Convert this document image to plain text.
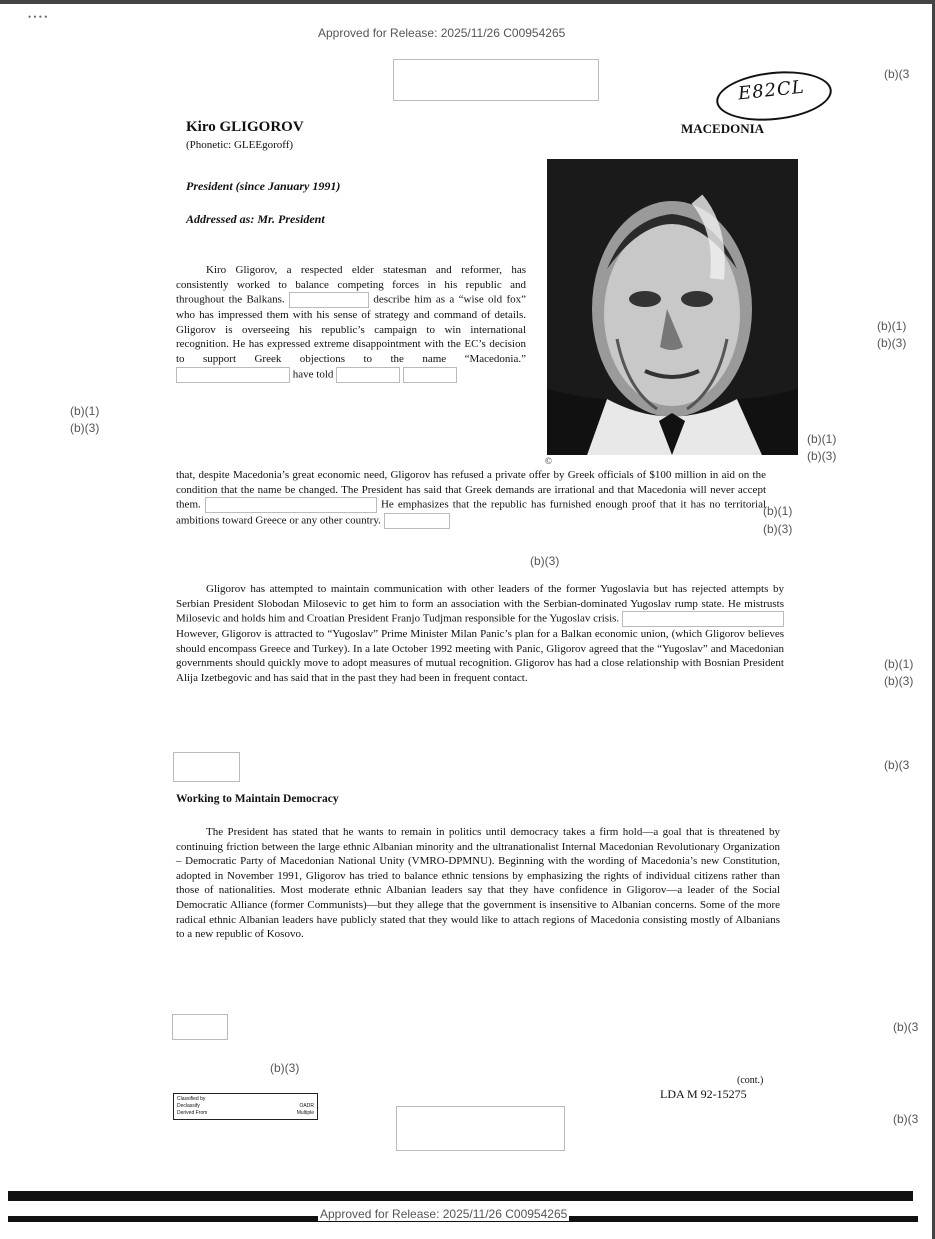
• • • •
Approved for Release: 2025/11/26 C00954265
E82CL
(b)(3
Kiro GLIGOROV
(Phonetic: GLEEgoroff)
MACEDONIA
President (since January 1991)
Addressed as: Mr. President
©
(b)(1)
(b)(3)
(b)(1)
(b)(3)
(b)(1)
(b)(3)

Kiro Gligorov, a respected elder statesman and reformer, has consistently worked to balance competing forces in his republic and throughout the Balkans.	describe him as a “wise old fox” who has impressed them with his sense of strategy and command of details. Gligorov is overseeing his republic’s campaign to win international recognition. He has expressed extreme disappointment with the EC’s decision to support Greek objections to the name “Macedonia.”  have told

that, despite Macedonia’s great economic need, Gligorov has refused a private offer by Greek officials of $100 million in aid on the condition that the name be changed. The President has said that Greek demands are irrational and that Macedonia will never accept them.	He emphasizes that the republic has furnished enough proof that it has no territorial ambitions toward Greece or any other country.

(b)(1)
(b)(3)
(b)(3)

Gligorov has attempted to maintain communication with other leaders of the former Yugoslavia but has rejected attempts by Serbian President Slobodan Milosevic to get him to form an association with the Serbian-dominated Yugoslav rump state. He mistrusts Milosevic and holds him and Croatian President Franjo Tudjman responsible for the Yugoslav crisis.  However, Gligorov is attracted to “Yugoslav” Prime Minister Milan Panic’s plan for a Balkan economic union, (which Gligorov believes should encompass Greece and Turkey). In a late October 1992 meeting with Panic, Gligorov agreed that the “Yugoslav” and Macedonian governments should quickly move to adopt measures of mutual recognition. Gligorov has had a close relationship with Bosnian President Alija Izetbegovic and has said that in the past they had been in frequent contact.

(b)(1)
(b)(3)
(b)(3
Working to Maintain Democracy

The President has stated that he wants to remain in politics until democracy takes a firm hold—a goal that is threatened by continuing friction between the large ethnic Albanian minority and the ultranationalist Internal Macedonian Revolutionary Organization – Democratic Party of Macedonian National Unity (VMRO-DPMNU). Beginning with the wording of Macedonia’s new Constitution, adopted in November 1991, Gligorov has tried to balance ethnic tensions by emphasizing the rights of individual citizens rather than those of nationalities. Most moderate ethnic Albanian leaders say that they have confidence in Gligorov—a leader of the Social Democratic Alliance (former Communists)—but they allege that the government is insensitive to Albanian concerns. Some of the more radical ethnic Albanian leaders have publicly stated that they would like to attach regions of Macedonia consisting mostly of Albanians to a new republic of Kosovo.

(b)(3
(b)(3)
(cont.)
LDA M 92-15275
Classified by
Declassify	OADR
Derived From	Multiple	(b)(3
Approved for Release: 2025/11/26 C00954265
